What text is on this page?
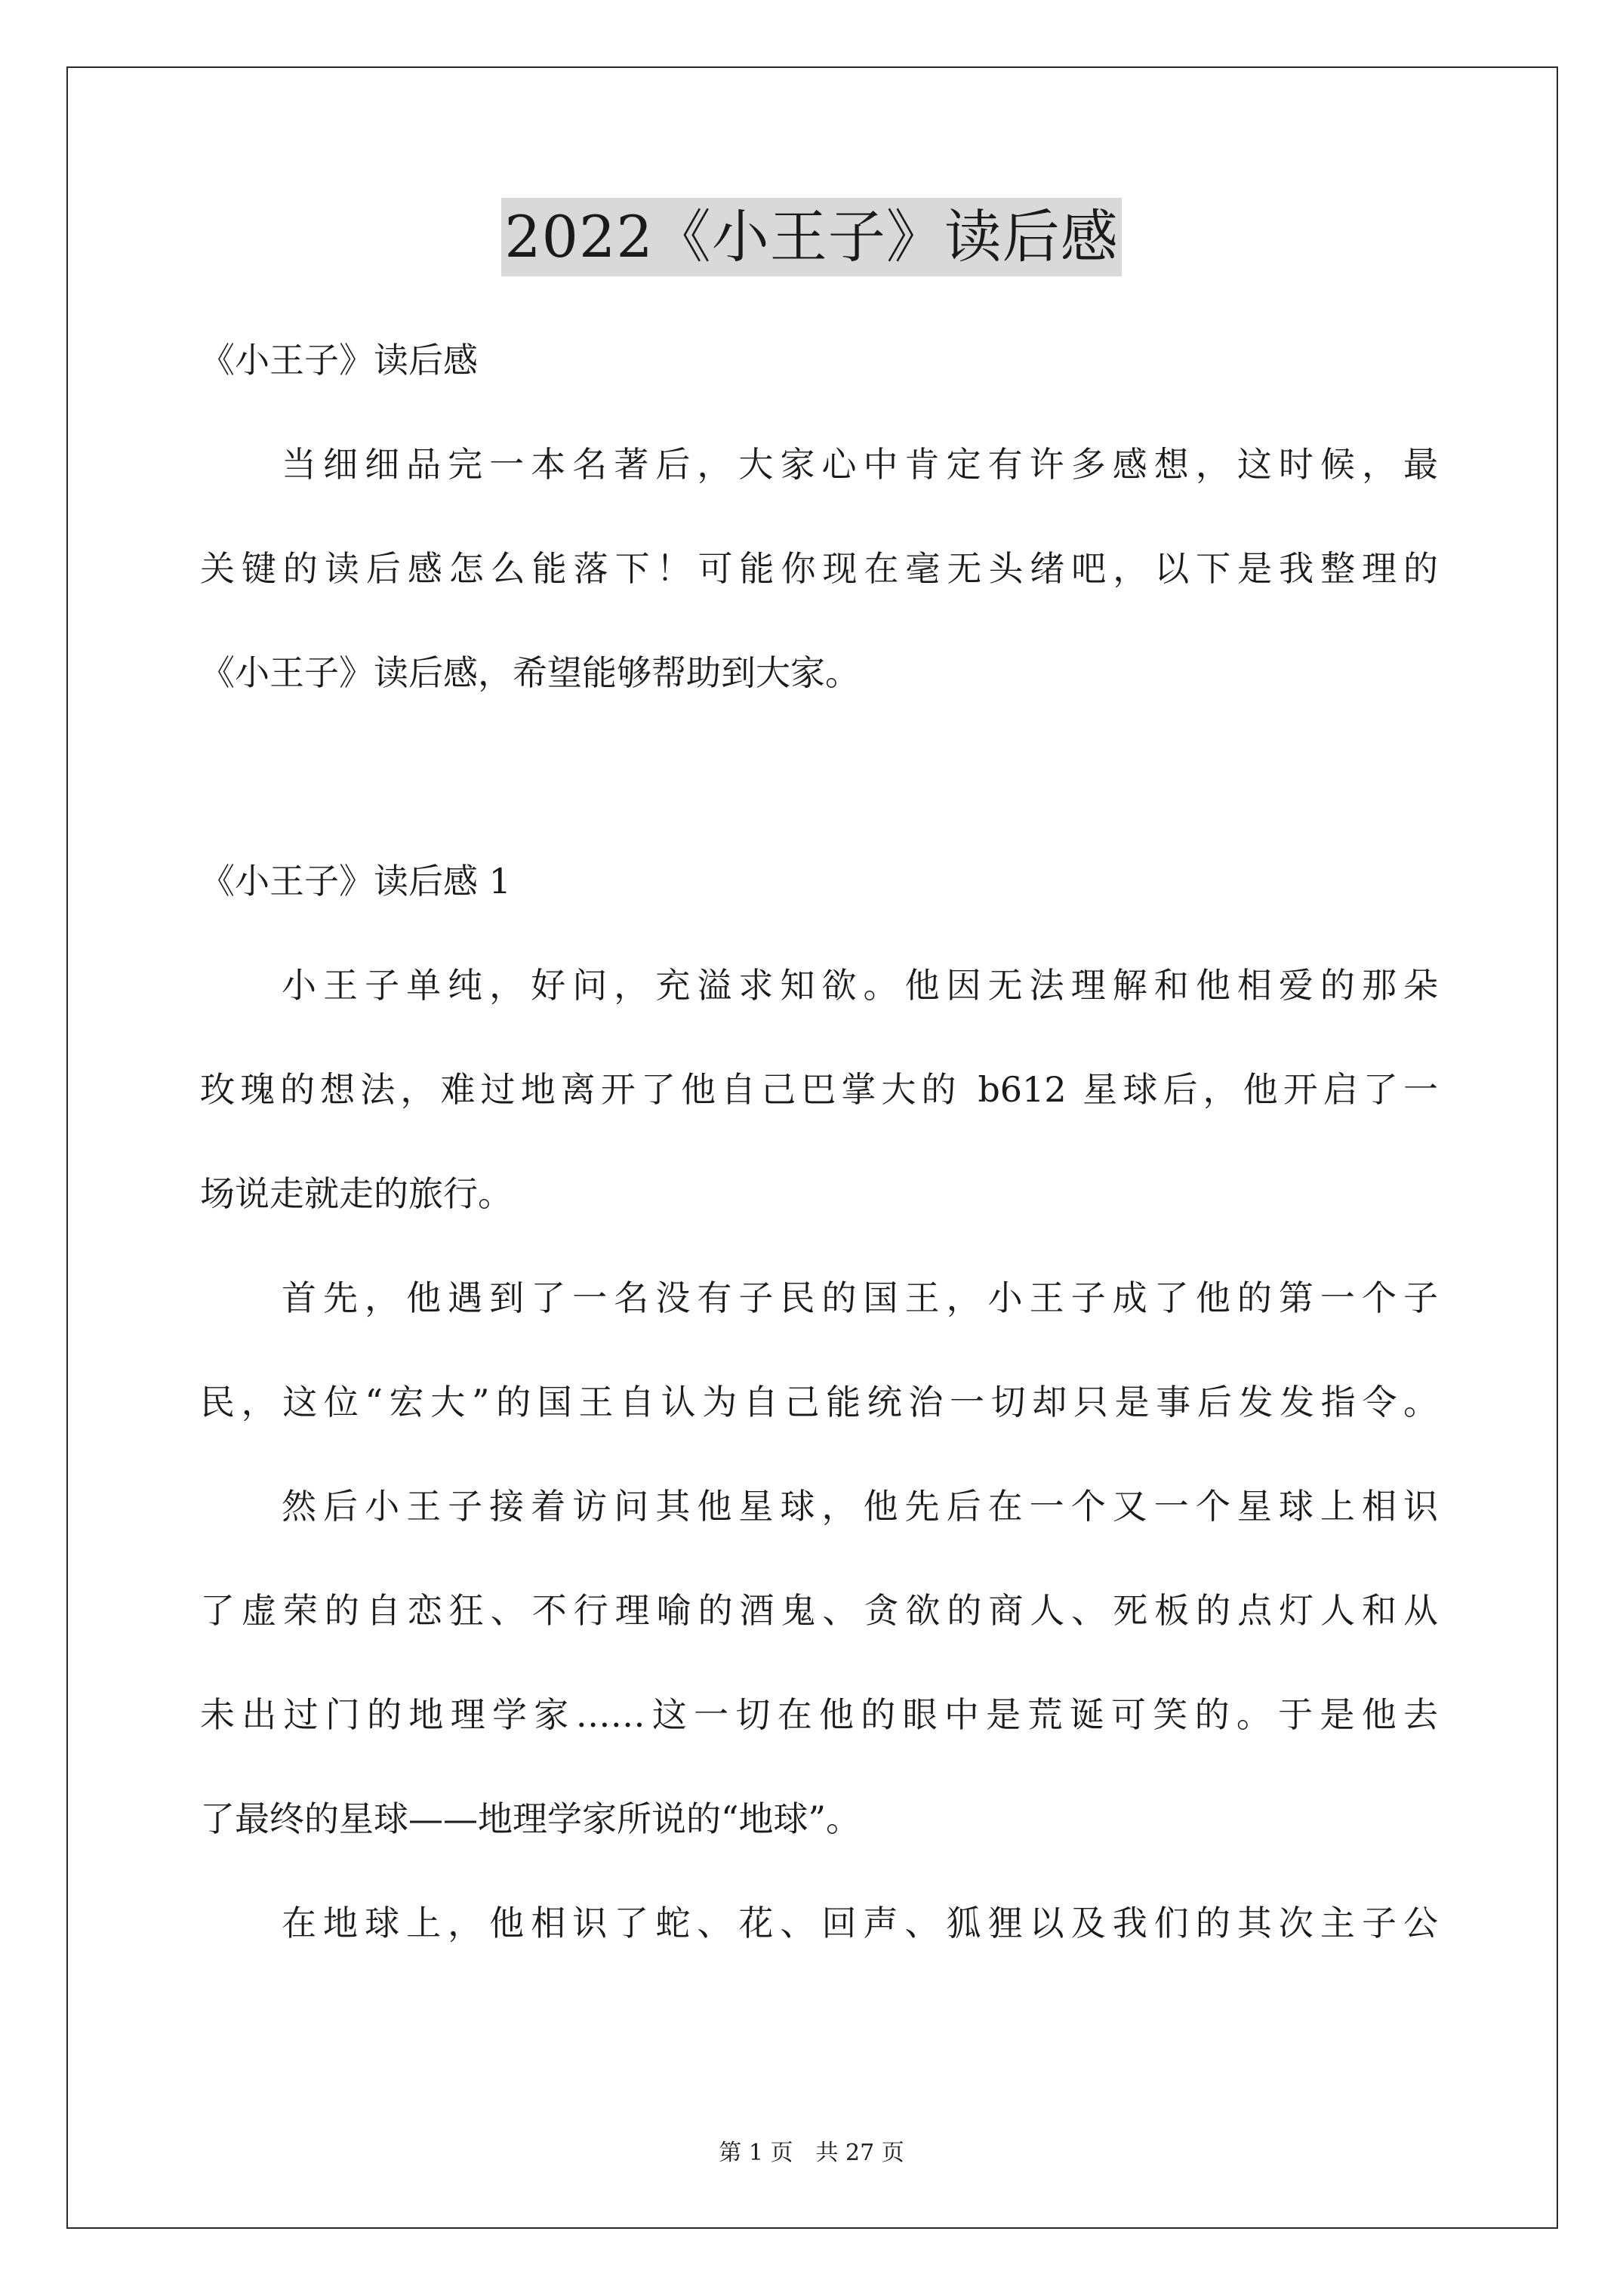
2022《小王子》读后感
《小王子》读后感
当细细品完一本名著后，大家心中肯定有许多感想，这时候，最
关键的读后感怎么能落下！可能你现在毫无头绪吧，以下是我整理的
《小王子》读后感，希望能够帮助到大家。
《小王子》读后感 1
小王子单纯，好问，充溢求知欲。他因无法理解和他相爱的那朵
玫瑰的想法，难过地离开了他自己巴掌大的 b612 星球后，他开启了一
场说走就走的旅行。
首先，他遇到了一名没有子民的国王，小王子成了他的第一个子
民，这位“宏大”的国王自认为自己能统治一切却只是事后发发指令。
然后小王子接着访问其他星球，他先后在一个又一个星球上相识
了虚荣的自恋狂、不行理喻的酒鬼、贪欲的商人、死板的点灯人和从
未出过门的地理学家……这一切在他的眼中是荒诞可笑的。于是他去
了最终的星球——地理学家所说的“地球”。
在地球上，他相识了蛇、花、回声、狐狸以及我们的其次主子公
第 1 页　共 27 页
